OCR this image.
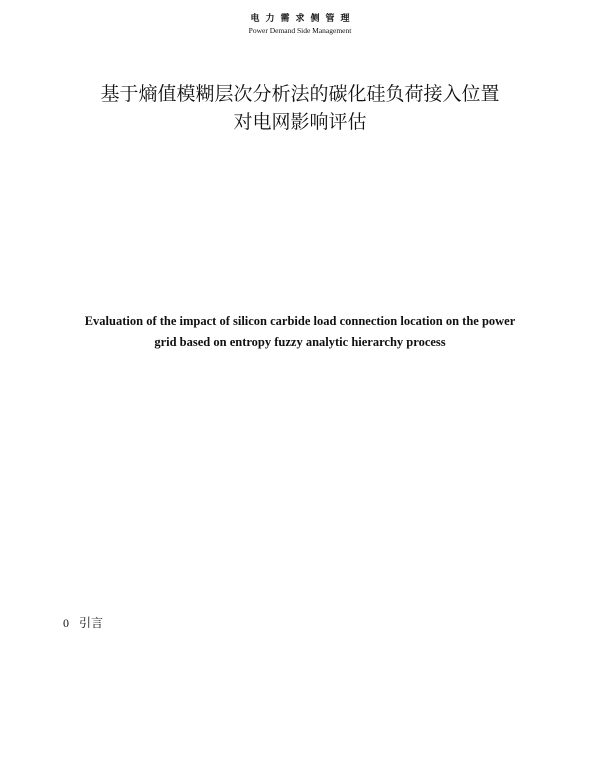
电力需求侧管理
Power Demand Side Management
基于熵值模糊层次分析法的碳化硅负荷接入位置
对电网影响评估
Evaluation of the impact of silicon carbide load connection location on the power
grid based on entropy fuzzy analytic hierarchy process
0 引言
